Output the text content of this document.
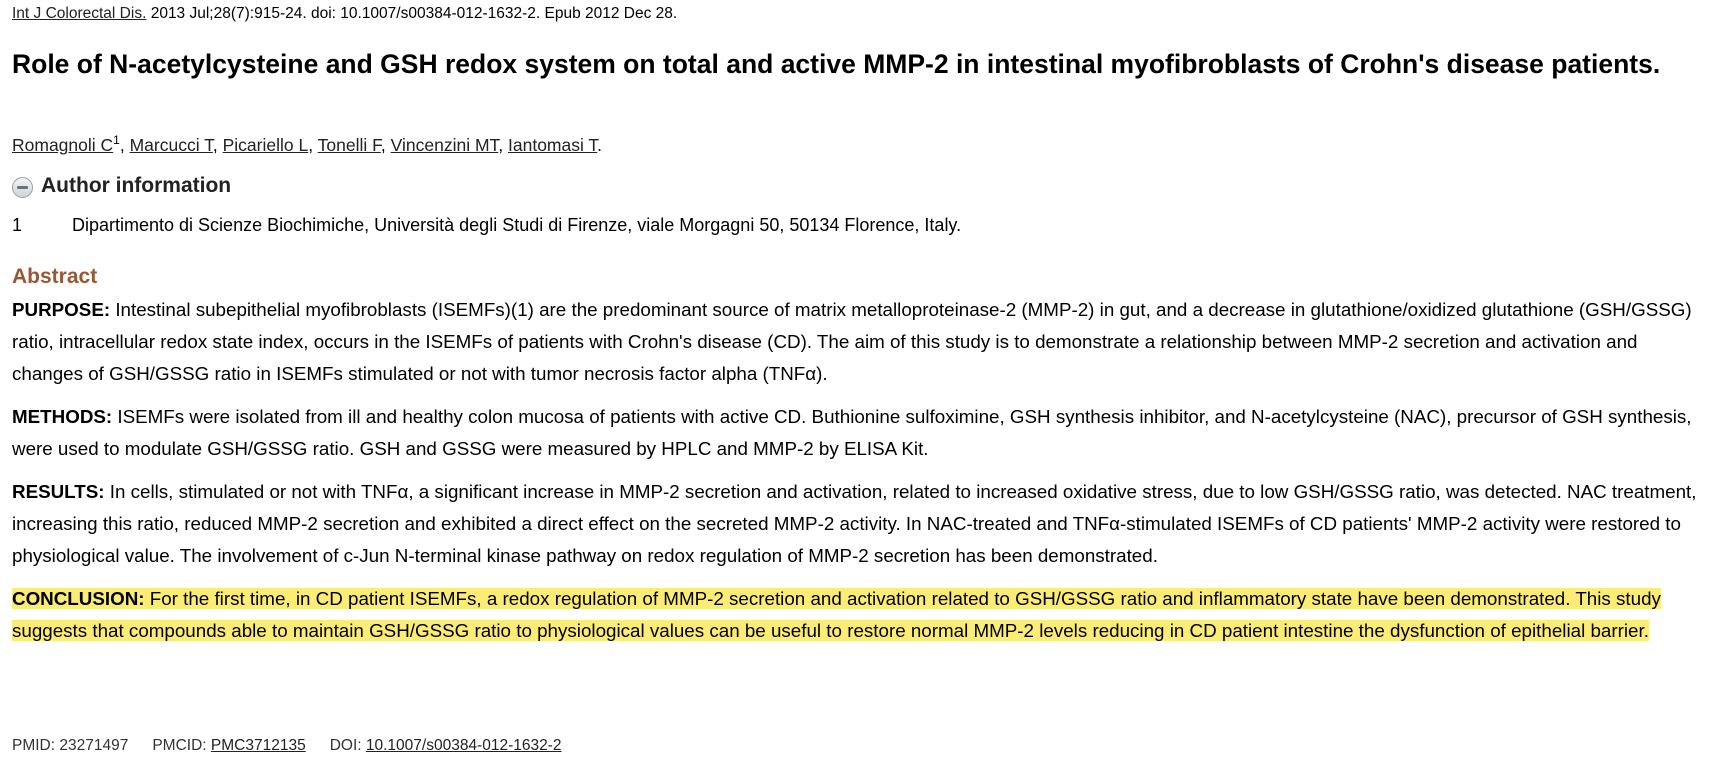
Int J Colorectal Dis. 2013 Jul;28(7):915-24. doi: 10.1007/s00384-012-1632-2. Epub 2012 Dec 28.
Role of N-acetylcysteine and GSH redox system on total and active MMP-2 in intestinal myofibroblasts of Crohn's disease patients.
Romagnoli $C^1$, Marcucci T, Picariello L, Tonelli F, Vincenzini MT, Iantomasi T.
Author information
1	Dipartimento di Scienze Biochimiche, Università degli Studi di Firenze, viale Morgagni 50, 50134 Florence, Italy.
Abstract

PURPOSE: Intestinal subepithelial myofibroblasts (ISEMFs)(1) are the predominant source of matrix metalloproteinase-2 (MMP-2) in gut, and a decrease in glutathione/oxidized glutathione (GSH/GSSG) ratio, intracellular redox state index, occurs in the ISEMFs of patients with Crohn's disease (CD). The aim of this study is to demonstrate a relationship between MMP-2 secretion and activation and changes of GSH/GSSG ratio in ISEMFs stimulated or not with tumor necrosis factor alpha (TNFα).

METHODS: ISEMFs were isolated from ill and healthy colon mucosa of patients with active CD. Buthionine sulfoximine, GSH synthesis inhibitor, and N-acetylcysteine (NAC), precursor of GSH synthesis, were used to modulate GSH/GSSG ratio. GSH and GSSG were measured by HPLC and MMP-2 by ELISA Kit.

RESULTS: In cells, stimulated or not with TNFα, a significant increase in MMP-2 secretion and activation, related to increased oxidative stress, due to low GSH/GSSG ratio, was detected. NAC treatment, increasing this ratio, reduced MMP-2 secretion and exhibited a direct effect on the secreted MMP-2 activity. In NAC-treated and TNFα-stimulated ISEMFs of CD patients' MMP-2 activity were restored to physiological value. The involvement of c-Jun N-terminal kinase pathway on redox regulation of MMP-2 secretion has been demonstrated.

CONCLUSION: For the first time, in CD patient ISEMFs, a redox regulation of MMP-2 secretion and activation related to GSH/GSSG ratio and inflammatory state have been demonstrated. This study suggests that compounds able to maintain GSH/GSSG ratio to physiological values can be useful to restore normal MMP-2 levels reducing in CD patient intestine the dysfunction of epithelial barrier.

PMID: 23271497 PMCID: PMC3712135 DOI: 10.1007/s00384-012-1632-2
